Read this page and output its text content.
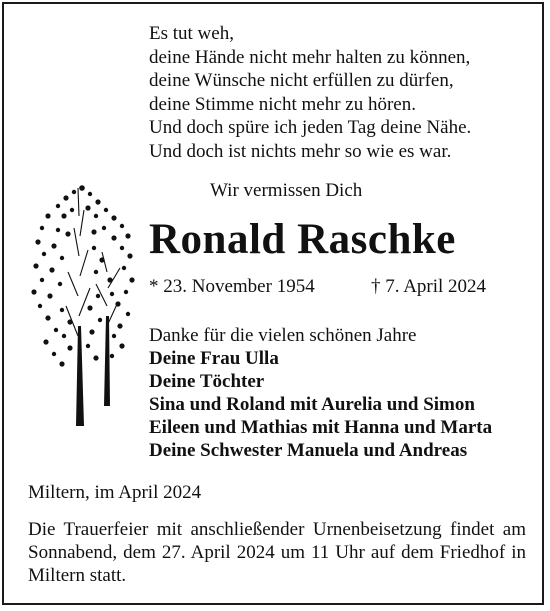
Es tut weh,
deine Hände nicht mehr halten zu können,
deine Wünsche nicht erfüllen zu dürfen,
deine Stimme nicht mehr zu hören.
Und doch spüre ich jeden Tag deine Nähe.
Und doch ist nichts mehr so wie es war.
Wir vermissen Dich
Ronald Raschke
* 23. November 1954	† 7. April 2024
Danke für die vielen schönen Jahre
Deine Frau Ulla
Deine Töchter
Sina und Roland mit Aurelia und Simon
Eileen und Mathias mit Hanna und Marta
Deine Schwester Manuela und Andreas
Miltern, im April 2024
Die Trauerfeier mit anschließender Urnenbeisetzung findet am Sonnabend, dem 27. April 2024 um 11 Uhr auf dem Friedhof in Miltern statt.
